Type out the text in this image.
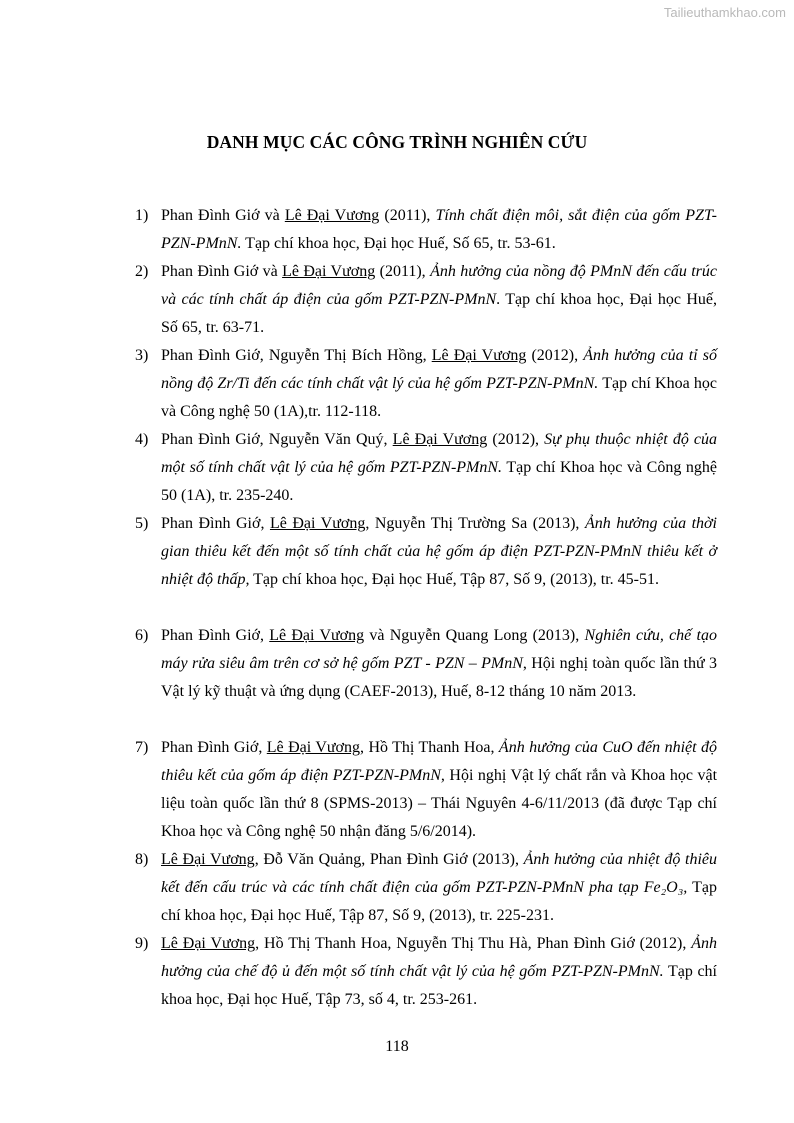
Tailieuthamkhao.com
DANH MỤC CÁC CÔNG TRÌNH NGHIÊN CỨU
1) Phan Đình Giớ và Lê Đại Vương (2011), Tính chất điện môi, sắt điện của gốm PZT-PZN-PMnN. Tạp chí khoa học, Đại học Huế, Số 65, tr. 53-61.
2) Phan Đình Giớ và Lê Đại Vương (2011), Ảnh hưởng của nồng độ PMnN đến cấu trúc và các tính chất áp điện của gốm PZT-PZN-PMnN. Tạp chí khoa học, Đại học Huế, Số 65, tr. 63-71.
3) Phan Đình Giớ, Nguyễn Thị Bích Hồng, Lê Đại Vương (2012), Ảnh hưởng của tỉ số nồng độ Zr/Ti đến các tính chất vật lý của hệ gốm PZT-PZN-PMnN. Tạp chí Khoa học và Công nghệ 50 (1A),tr. 112-118.
4) Phan Đình Giớ, Nguyễn Văn Quý, Lê Đại Vương (2012), Sự phụ thuộc nhiệt độ của một số tính chất vật lý của hệ gốm PZT-PZN-PMnN. Tạp chí Khoa học và Công nghệ 50 (1A), tr. 235-240.
5) Phan Đình Giớ, Lê Đại Vương, Nguyễn Thị Trường Sa (2013), Ảnh hưởng của thời gian thiêu kết đến một số tính chất của hệ gốm áp điện PZT-PZN-PMnN thiêu kết ở nhiệt độ thấp, Tạp chí khoa học, Đại học Huế, Tập 87, Số 9, (2013), tr. 45-51.
6) Phan Đình Giớ, Lê Đại Vương và Nguyễn Quang Long (2013), Nghiên cứu, chế tạo máy rửa siêu âm trên cơ sở hệ gốm PZT - PZN – PMnN, Hội nghị toàn quốc lần thứ 3 Vật lý kỹ thuật và ứng dụng (CAEF-2013), Huế, 8-12 tháng 10 năm 2013.
7) Phan Đình Giớ, Lê Đại Vương, Hồ Thị Thanh Hoa, Ảnh hưởng của CuO đến nhiệt độ thiêu kết của gốm áp điện PZT-PZN-PMnN, Hội nghị Vật lý chất rắn và Khoa học vật liệu toàn quốc lần thứ 8 (SPMS-2013) – Thái Nguyên 4-6/11/2013 (đã được Tạp chí Khoa học và Công nghệ 50 nhận đăng 5/6/2014).
8) Lê Đại Vương, Đỗ Văn Quảng, Phan Đình Giớ (2013), Ảnh hưởng của nhiệt độ thiêu kết đến cấu trúc và các tính chất điện của gốm PZT-PZN-PMnN pha tạp Fe₂O₃, Tạp chí khoa học, Đại học Huế, Tập 87, Số 9, (2013), tr. 225-231.
9) Lê Đại Vương, Hồ Thị Thanh Hoa, Nguyễn Thị Thu Hà, Phan Đình Giớ (2012), Ảnh hưởng của chế độ ủ đến một số tính chất vật lý của hệ gốm PZT-PZN-PMnN. Tạp chí khoa học, Đại học Huế, Tập 73, số 4, tr. 253-261.
118
